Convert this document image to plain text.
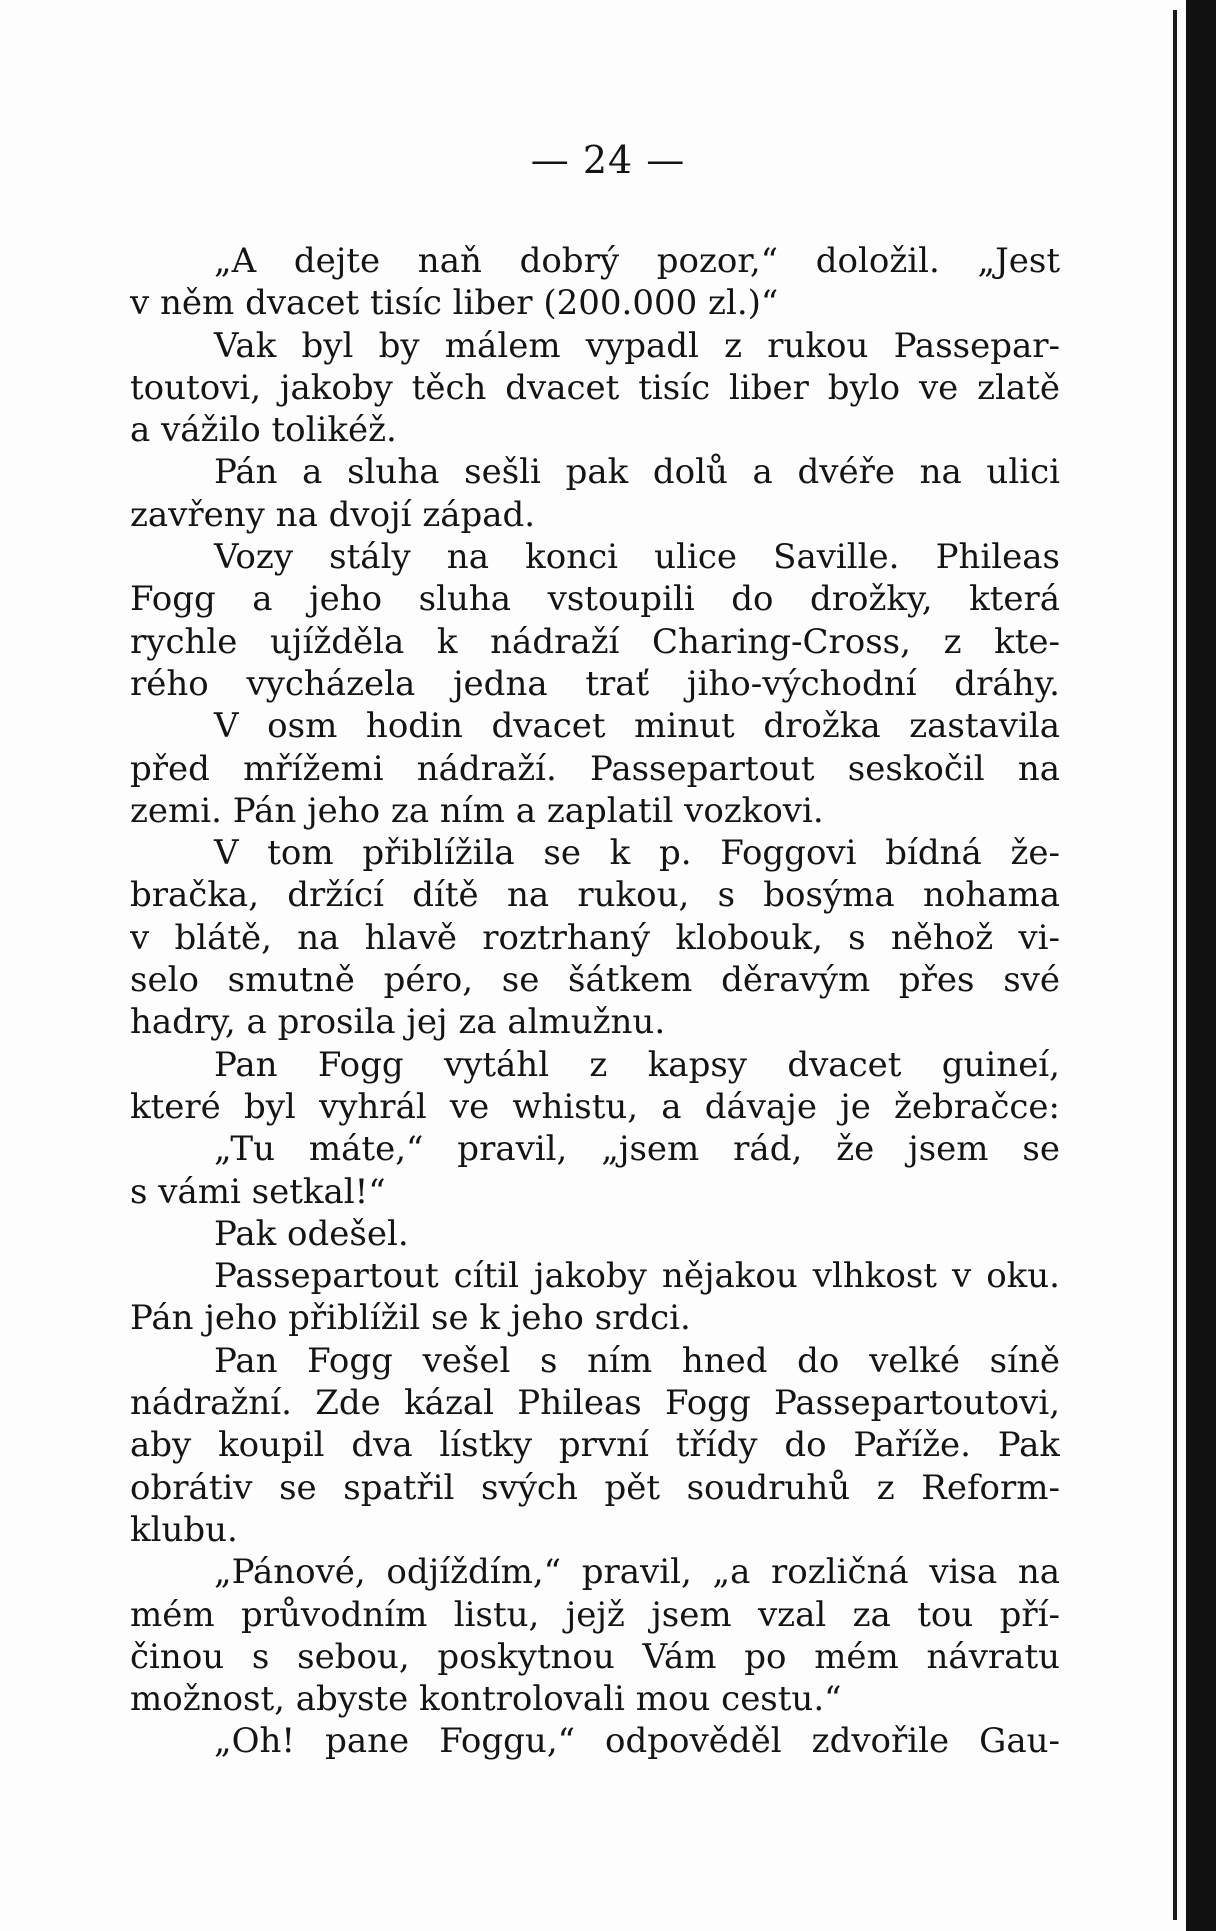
— 24 —
„A dejte naň dobrý pozor,“ doložil. „Jest
v něm dvacet tisíc liber (200.000 zl.)“
Vak byl by málem vypadl z rukou Passepar-
toutovi, jakoby těch dvacet tisíc liber bylo ve zlatě
a vážilo tolikéž.
Pán a sluha sešli pak dolů a dvéře na ulici
zavřeny na dvojí západ.
Vozy stály na konci ulice Saville. Phileas
Fogg a jeho sluha vstoupili do drožky, která
rychle ujížděla k nádraží Charing-Cross, z kte-
rého vycházela jedna trať jiho-východní dráhy.
V osm hodin dvacet minut drožka zastavila
před mřížemi nádraží. Passepartout seskočil na
zemi. Pán jeho za ním a zaplatil vozkovi.
V tom přiblížila se k p. Foggovi bídná že-
bračka, držící dítě na rukou, s bosýma nohama
v blátě, na hlavě roztrhaný klobouk, s něhož vi-
selo smutně péro, se šátkem děravým přes své
hadry, a prosila jej za almužnu.
Pan Fogg vytáhl z kapsy dvacet guineí,
které byl vyhrál ve whistu, a dávaje je žebračce:
„Tu máte,“ pravil, „jsem rád, že jsem se
s vámi setkal!“
Pak odešel.
Passepartout cítil jakoby nějakou vlhkost v oku.
Pán jeho přiblížil se k jeho srdci.
Pan Fogg vešel s ním hned do velké síně
nádražní. Zde kázal Phileas Fogg Passepartoutovi,
aby koupil dva lístky první třídy do Paříže. Pak
obrátiv se spatřil svých pět soudruhů z Reform-
klubu.
„Pánové, odjíždím,“ pravil, „a rozličná visa na
mém průvodním listu, jejž jsem vzal za tou pří-
činou s sebou, poskytnou Vám po mém návratu
možnost, abyste kontrolovali mou cestu.“
„Oh! pane Foggu,“ odpověděl zdvořile Gau-
